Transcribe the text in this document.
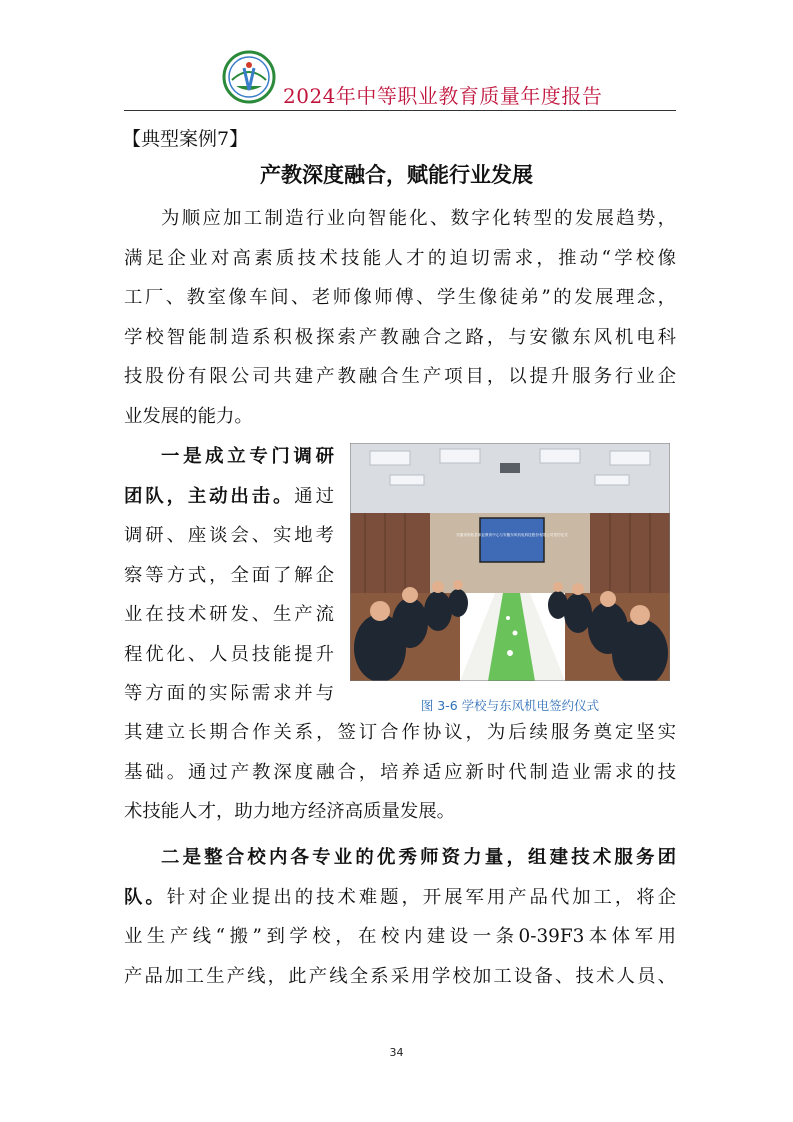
2024年中等职业教育质量年度报告
【典型案例7】
产教深度融合，赋能行业发展
为顺应加工制造行业向智能化、数字化转型的发展趋势，
满足企业对高素质技术技能人才的迫切需求，推动“学校像
工厂、教室像车间、老师像师傅、学生像徒弟”的发展理念，
学校智能制造系积极探索产教融合之路，与安徽东风机电科
技股份有限公司共建产教融合生产项目，以提升服务行业企
业发展的能力。
一是成立专门调研
团队，主动出击。通过
调研、座谈会、实地考
察等方式，全面了解企
业在技术研发、生产流
程优化、人员技能提升
等方面的实际需求并与
安徽省宿松县职业教育中心与安徽东风机电科技股份有限公司签约仪式
图 3-6 学校与东风机电签约仪式
其建立长期合作关系，签订合作协议，为后续服务奠定坚实
基础。通过产教深度融合，培养适应新时代制造业需求的技
术技能人才，助力地方经济高质量发展。
二是整合校内各专业的优秀师资力量，组建技术服务团
队。针对企业提出的技术难题，开展军用产品代加工，将企
业生产线“搬”到学校，在校内建设一条0-39F3本体军用
产品加工生产线，此产线全系采用学校加工设备、技术人员、
34
